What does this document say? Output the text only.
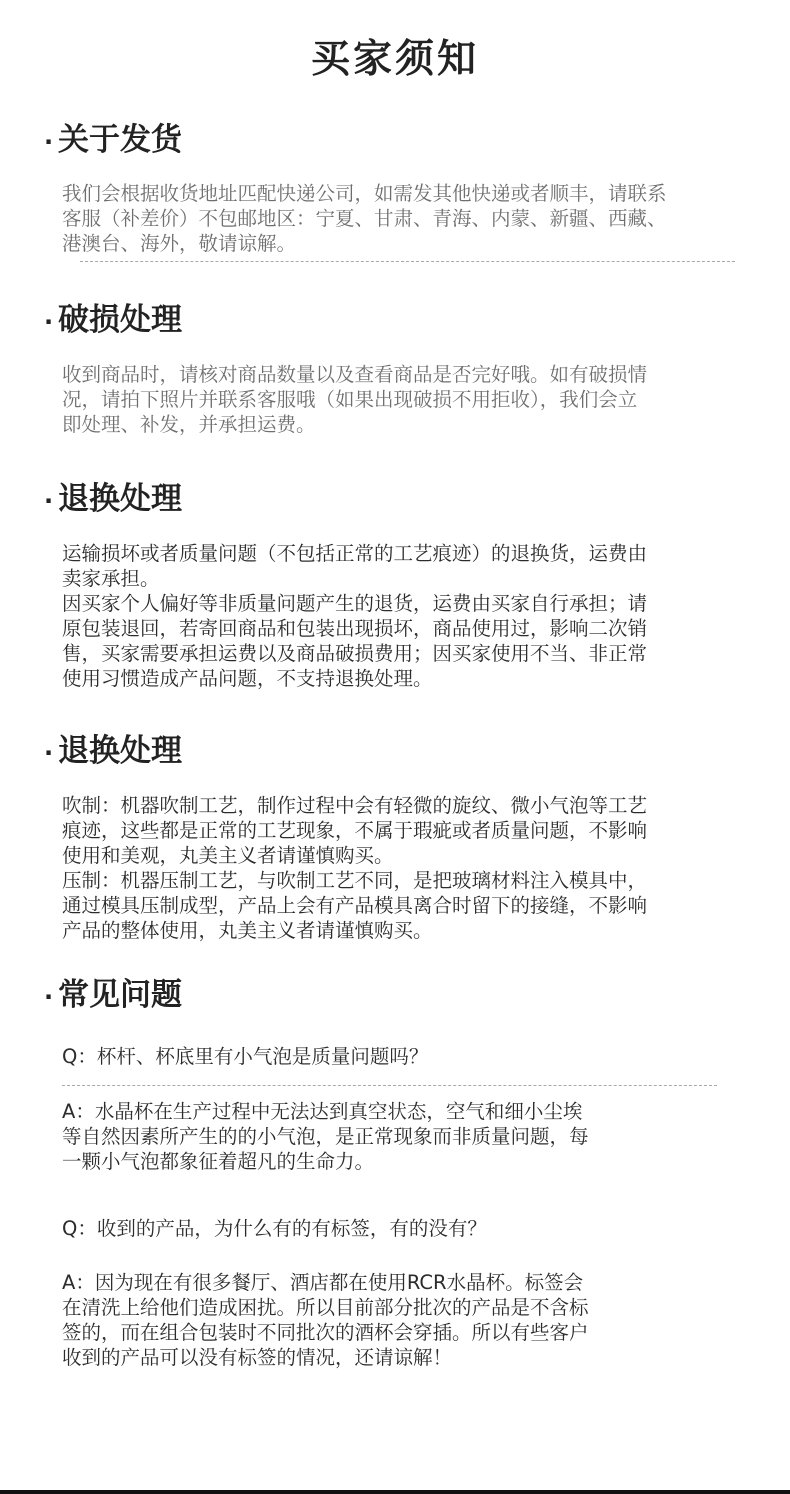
买家须知
· 关于发货
我们会根据收货地址匹配快递公司，如需发其他快递或者顺丰，请联系
客服（补差价）不包邮地区：宁夏、甘肃、青海、内蒙、新疆、西藏、
港澳台、海外，敬请谅解。
· 破损处理
收到商品时，请核对商品数量以及查看商品是否完好哦。如有破损情
况，请拍下照片并联系客服哦（如果出现破损不用拒收），我们会立
即处理、补发，并承担运费。
· 退换处理
运输损坏或者质量问题（不包括正常的工艺痕迹）的退换货，运费由
卖家承担。
因买家个人偏好等非质量问题产生的退货，运费由买家自行承担；请
原包装退回，若寄回商品和包装出现损坏，商品使用过，影响二次销
售，买家需要承担运费以及商品破损费用；因买家使用不当、非正常
使用习惯造成产品问题，不支持退换处理。
· 退换处理
吹制：机器吹制工艺，制作过程中会有轻微的旋纹、微小气泡等工艺
痕迹，这些都是正常的工艺现象，不属于瑕疵或者质量问题，不影响
使用和美观，丸美主义者请谨慎购买。
压制：机器压制工艺，与吹制工艺不同，是把玻璃材料注入模具中，
通过模具压制成型，产品上会有产品模具离合时留下的接缝，不影响
产品的整体使用，丸美主义者请谨慎购买。
· 常见问题
Q：杯杆、杯底里有小气泡是质量问题吗？
A：水晶杯在生产过程中无法达到真空状态，空气和细小尘埃
等自然因素所产生的的小气泡，是正常现象而非质量问题，每
一颗小气泡都象征着超凡的生命力。
Q：收到的产品，为什么有的有标签，有的没有？
A：因为现在有很多餐厅、酒店都在使用RCR水晶杯。标签会
在清洗上给他们造成困扰。所以目前部分批次的产品是不含标
签的，而在组合包装时不同批次的酒杯会穿插。所以有些客户
收到的产品可以没有标签的情况，还请谅解！
